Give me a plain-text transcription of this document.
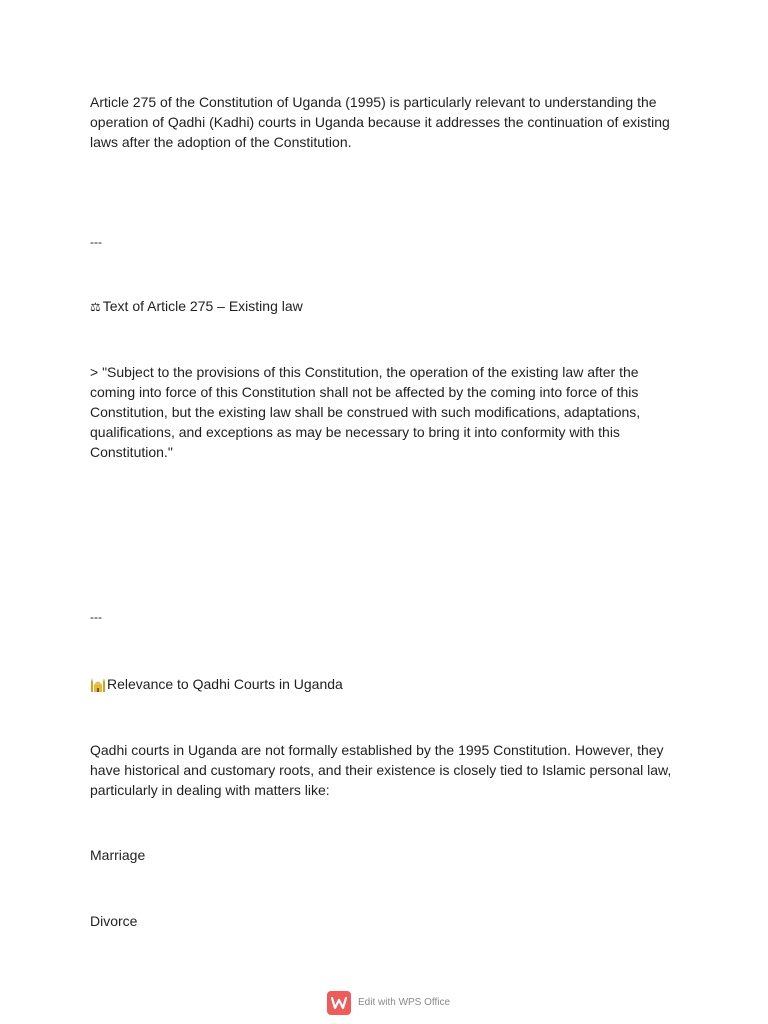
Article 275 of the Constitution of Uganda (1995) is particularly relevant to understanding the operation of Qadhi (Kadhi) courts in Uganda because it addresses the continuation of existing laws after the adoption of the Constitution.

---

⚖ Text of Article 275 – Existing law

> "Subject to the provisions of this Constitution, the operation of the existing law after the coming into force of this Constitution shall not be affected by the coming into force of this Constitution, but the existing law shall be construed with such modifications, adaptations, qualifications, and exceptions as may be necessary to bring it into conformity with this Constitution."

---

Relevance to Qadhi Courts in Uganda

Qadhi courts in Uganda are not formally established by the 1995 Constitution. However, they have historical and customary roots, and their existence is closely tied to Islamic personal law, particularly in dealing with matters like:

Marriage

Divorce

Edit with WPS Office
